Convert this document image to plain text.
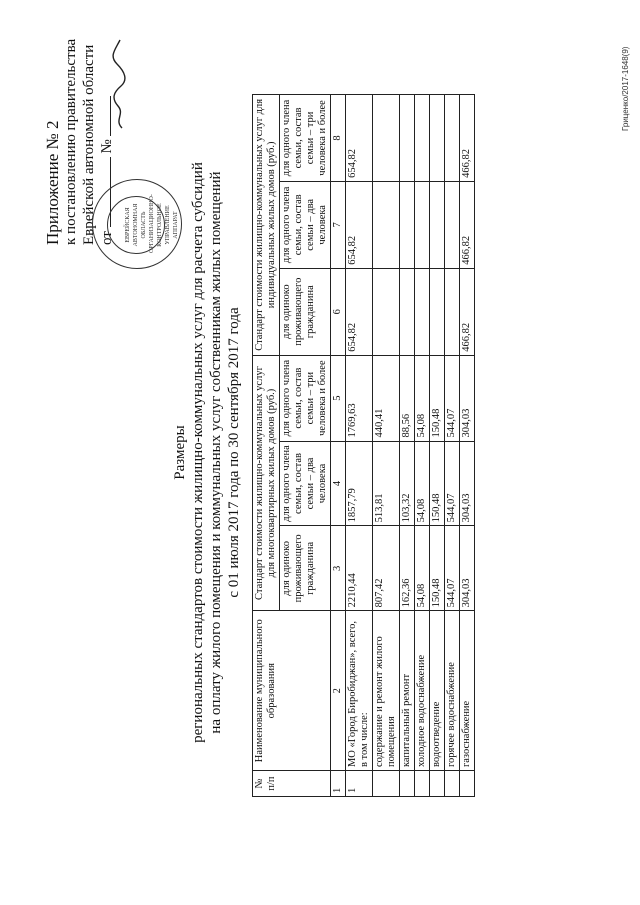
Приложение № 2 к постановлению правительства Еврейской автономной области от  №
ЕВРЕЙСКАЯ АВТОНОМНАЯ ОБЛАСТЬ ОРГАНИЗАЦИОННО-КОНТРОЛЬНОЕ УПРАВЛЕНИЕ АППАРАТ
Размеры региональных стандартов стоимости жилищно-коммунальных услуг для расчета субсидий на оплату жилого помещения и коммунальных услуг собственникам жилых помещений с 01 июля 2017 года по 30 сентября 2017 года
№ п/п	Наименование муниципального образования	Стандарт стоимости жилищно-коммунальных услуг для многоквартирных жилых домов (руб.)			Стандарт стоимости жилищно-коммунальных услуг для индивидуальных жилых домов (руб.)		
		для одиноко проживающего гражданина	для одного члена семьи, состав семьи – два человека	для одного члена семьи, состав семьи – три человека и более	для одиноко проживающего гражданина	для одного члена семьи, состав семьи – два человека	для одного члена семьи, состав семьи – три человека и более
1	2	3	4	5	6	7	8
1	МО «Город Биробиджан», всего, в том числе:	2210,44	1857,79	1769,63	654,82	654,82	654,82
	содержание и ремонт жилого помещения	807,42	513,81	440,41			
	капитальный ремонт	162,36	103,32	88,56			
	холодное водоснабжение	54,08	54,08	54,08			
	водоотведение	150,48	150,48	150,48			
	горячее водоснабжение	544,07	544,07	544,07			
	газоснабжение	304,03	304,03	304,03	466,82	466,82	466,82
Гриценко/2017-1648(9)
